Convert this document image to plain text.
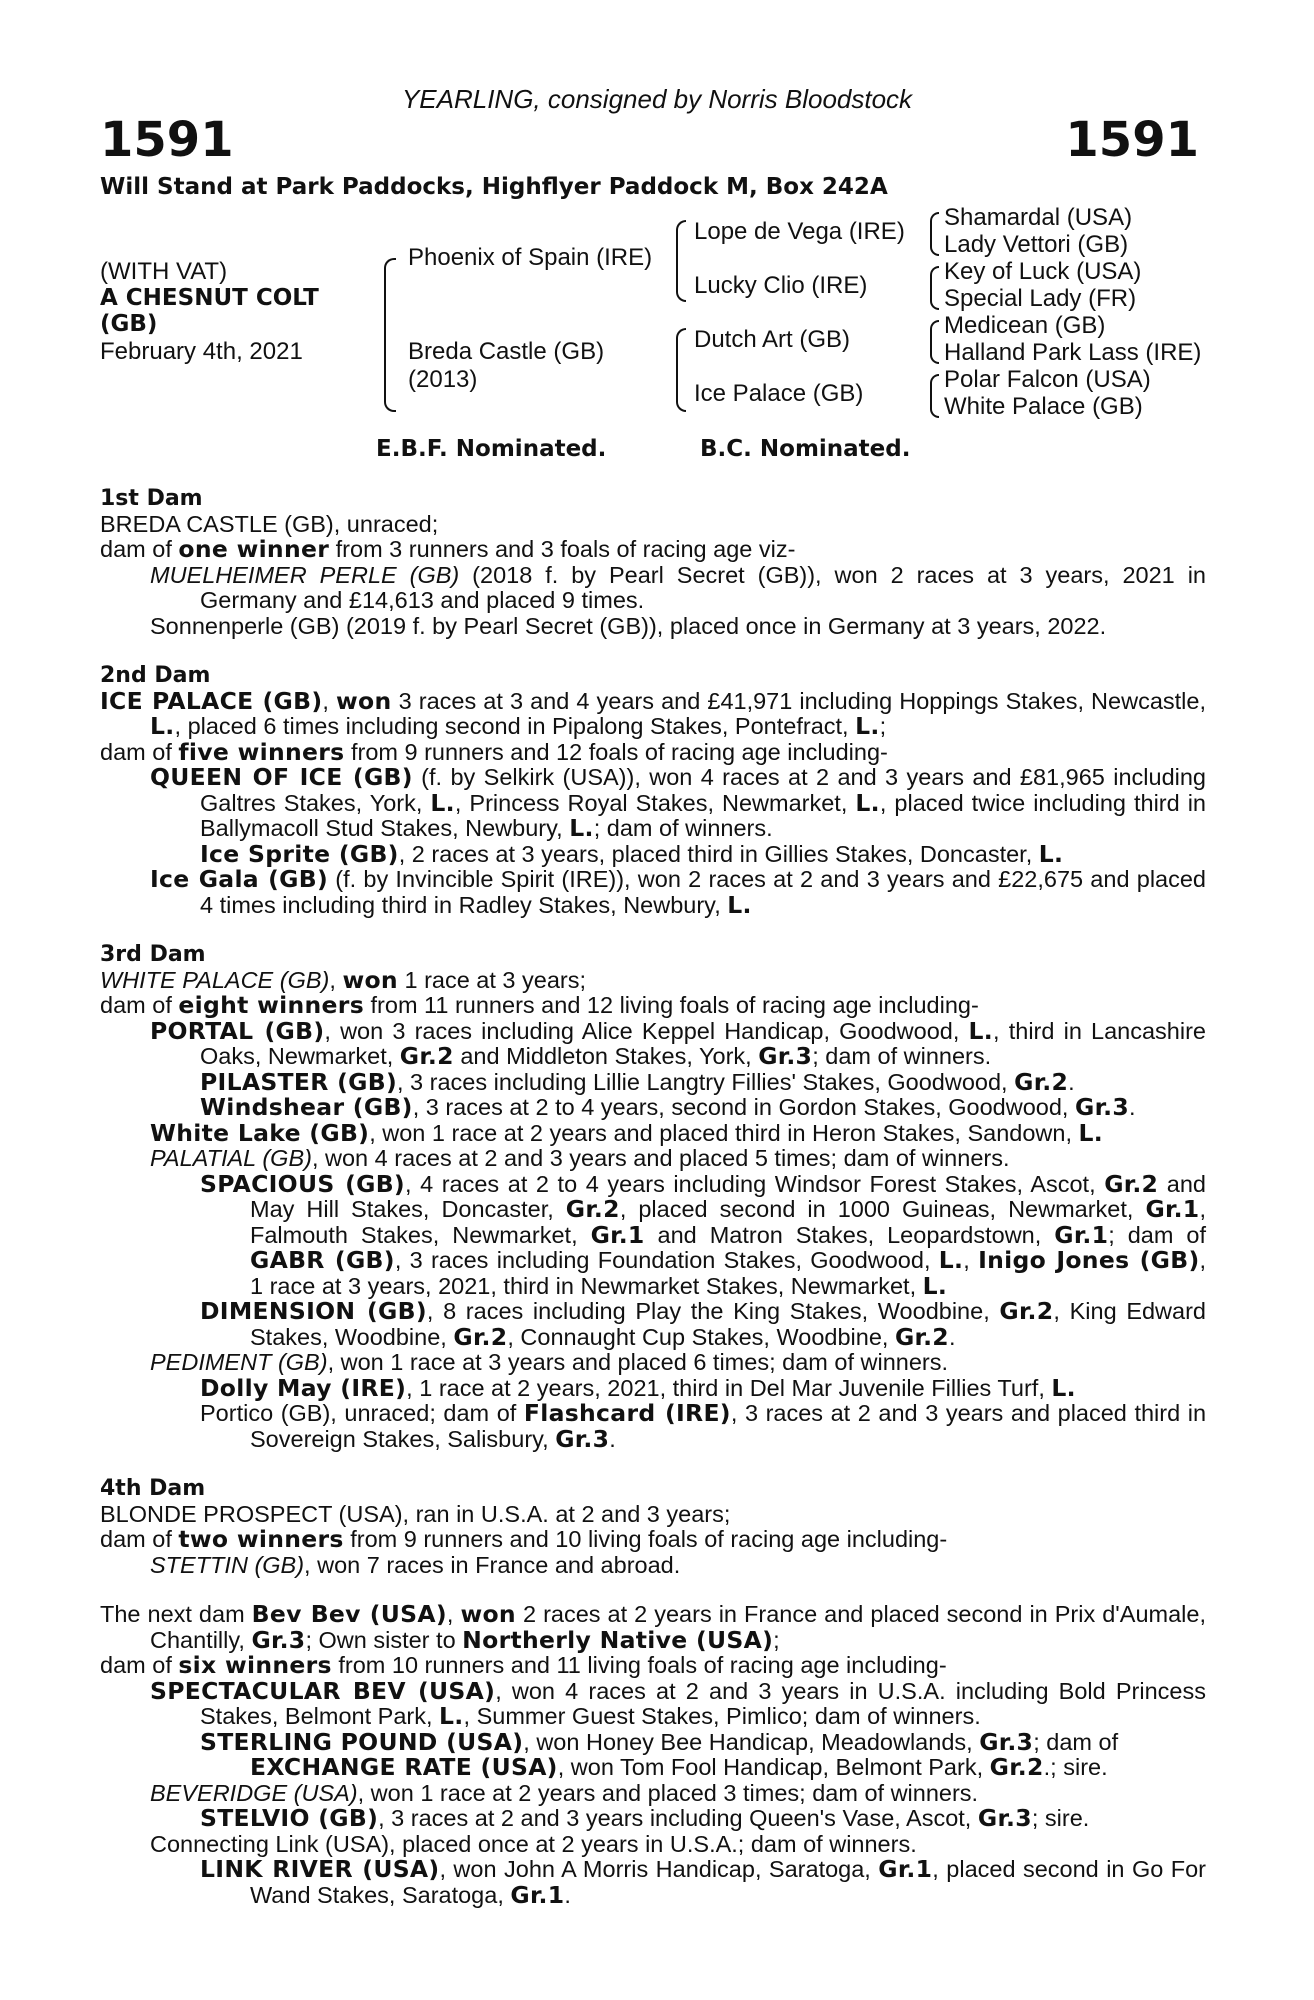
YEARLING, consigned by Norris Bloodstock
1591	1591
Will Stand at Park Paddocks, Highflyer Paddock M, Box 242A
(WITH VAT)
A CHESNUT COLT
(GB)
February 4th, 2021
Phoenix of Spain (IRE)
Breda Castle (GB)
(2013)
Lope de Vega (IRE)
Lucky Clio (IRE)
Dutch Art (GB)
Ice Palace (GB)
Shamardal (USA)
Lady Vettori (GB)
Key of Luck (USA)
Special Lady (FR)
Medicean (GB)
Halland Park Lass (IRE)
Polar Falcon (USA)
White Palace (GB)
E.B.F. Nominated.	B.C. Nominated.
1st Dam
BREDA CASTLE (GB), unraced;
dam of one winner from 3 runners and 3 foals of racing age viz-
MUELHEIMER PERLE (GB) (2018 f. by Pearl Secret (GB)), won 2 races at 3 years, 2021 in Germany and £14,613 and placed 9 times.
Sonnenperle (GB) (2019 f. by Pearl Secret (GB)), placed once in Germany at 3 years, 2022.
2nd Dam
ICE PALACE (GB), won 3 races at 3 and 4 years and £41,971 including Hoppings Stakes, Newcastle, L., placed 6 times including second in Pipalong Stakes, Pontefract, L.;
dam of five winners from 9 runners and 12 foals of racing age including-
QUEEN OF ICE (GB) (f. by Selkirk (USA)), won 4 races at 2 and 3 years and £81,965 including Galtres Stakes, York, L., Princess Royal Stakes, Newmarket, L., placed twice including third in Ballymacoll Stud Stakes, Newbury, L.; dam of winners.
Ice Sprite (GB), 2 races at 3 years, placed third in Gillies Stakes, Doncaster, L.
Ice Gala (GB) (f. by Invincible Spirit (IRE)), won 2 races at 2 and 3 years and £22,675 and placed 4 times including third in Radley Stakes, Newbury, L.
3rd Dam
WHITE PALACE (GB), won 1 race at 3 years;
dam of eight winners from 11 runners and 12 living foals of racing age including-
PORTAL (GB), won 3 races including Alice Keppel Handicap, Goodwood, L., third in Lancashire Oaks, Newmarket, Gr.2 and Middleton Stakes, York, Gr.3; dam of winners.
PILASTER (GB), 3 races including Lillie Langtry Fillies' Stakes, Goodwood, Gr.2.
Windshear (GB), 3 races at 2 to 4 years, second in Gordon Stakes, Goodwood, Gr.3.
White Lake (GB), won 1 race at 2 years and placed third in Heron Stakes, Sandown, L.
PALATIAL (GB), won 4 races at 2 and 3 years and placed 5 times; dam of winners.
SPACIOUS (GB), 4 races at 2 to 4 years including Windsor Forest Stakes, Ascot, Gr.2 and May Hill Stakes, Doncaster, Gr.2, placed second in 1000 Guineas, Newmarket, Gr.1, Falmouth Stakes, Newmarket, Gr.1 and Matron Stakes, Leopardstown, Gr.1; dam of GABR (GB), 3 races including Foundation Stakes, Goodwood, L., Inigo Jones (GB), 1 race at 3 years, 2021, third in Newmarket Stakes, Newmarket, L.
DIMENSION (GB), 8 races including Play the King Stakes, Woodbine, Gr.2, King Edward Stakes, Woodbine, Gr.2, Connaught Cup Stakes, Woodbine, Gr.2.
PEDIMENT (GB), won 1 race at 3 years and placed 6 times; dam of winners.
Dolly May (IRE), 1 race at 2 years, 2021, third in Del Mar Juvenile Fillies Turf, L.
Portico (GB), unraced; dam of Flashcard (IRE), 3 races at 2 and 3 years and placed third in Sovereign Stakes, Salisbury, Gr.3.
4th Dam
BLONDE PROSPECT (USA), ran in U.S.A. at 2 and 3 years;
dam of two winners from 9 runners and 10 living foals of racing age including-
STETTIN (GB), won 7 races in France and abroad.
The next dam Bev Bev (USA), won 2 races at 2 years in France and placed second in Prix d'Aumale, Chantilly, Gr.3; Own sister to Northerly Native (USA);
dam of six winners from 10 runners and 11 living foals of racing age including-
SPECTACULAR BEV (USA), won 4 races at 2 and 3 years in U.S.A. including Bold Princess Stakes, Belmont Park, L., Summer Guest Stakes, Pimlico; dam of winners.
STERLING POUND (USA), won Honey Bee Handicap, Meadowlands, Gr.3; dam of
EXCHANGE RATE (USA), won Tom Fool Handicap, Belmont Park, Gr.2.; sire.
BEVERIDGE (USA), won 1 race at 2 years and placed 3 times; dam of winners.
STELVIO (GB), 3 races at 2 and 3 years including Queen's Vase, Ascot, Gr.3; sire.
Connecting Link (USA), placed once at 2 years in U.S.A.; dam of winners.
LINK RIVER (USA), won John A Morris Handicap, Saratoga, Gr.1, placed second in Go For Wand Stakes, Saratoga, Gr.1.
